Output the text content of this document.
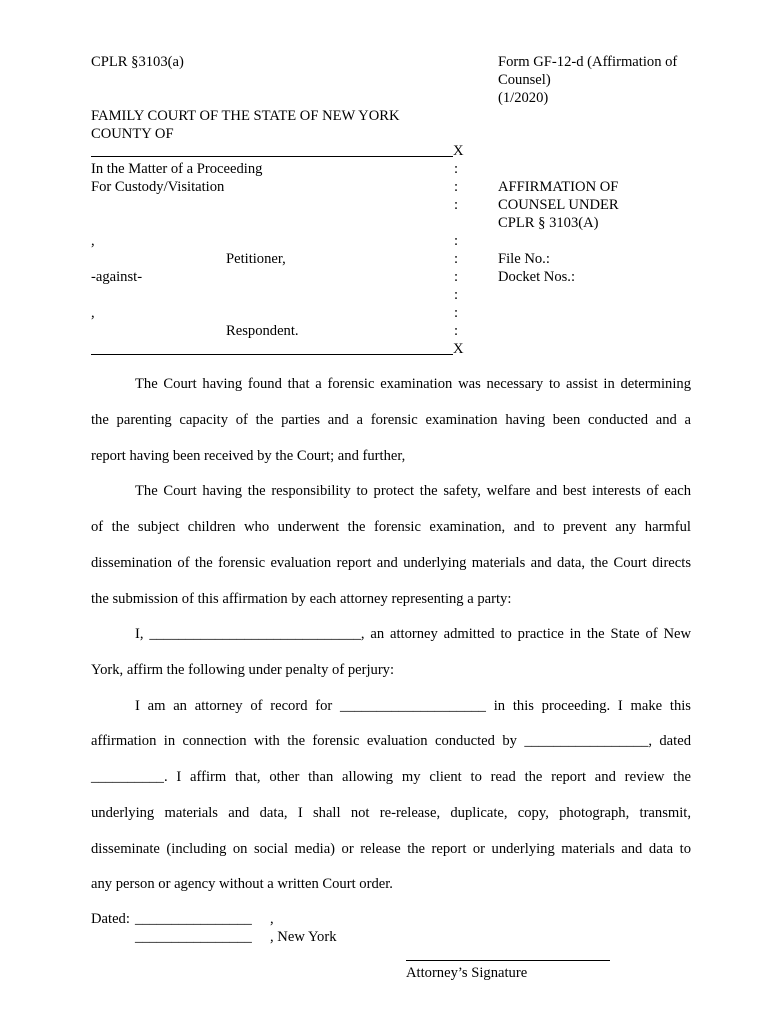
CPLR §3103(a)	Form GF-12-d (Affirmation of
Counsel)
(1/2020)
FAMILY COURT OF THE STATE OF NEW YORK
COUNTY OF
X
In the Matter of a Proceeding
For Custody/Visitation
,
Petitioner,
-against-
,
Respondent.
:
:
:
:
:
:
:
:
:
X
AFFIRMATION OF
COUNSEL UNDER
CPLR § 3103(A)
File No.:
Docket Nos.:
The Court having found that a forensic examination was necessary to assist in determining
the parenting capacity of the parties and a forensic examination having been conducted and a
report having been received by the Court; and further,
The Court having the responsibility to protect the safety, welfare and best interests of each
of the subject children who underwent the forensic examination, and to prevent any harmful
dissemination of the forensic evaluation report and underlying materials and data, the Court directs
the submission of this affirmation by each attorney representing a party:
I, _____________________________, an attorney admitted to practice in the State of New
York, affirm the following under penalty of perjury:
I am an attorney of record for ____________________ in this proceeding. I make this
affirmation in connection with the forensic evaluation conducted by _________________, dated
__________. I affirm that, other than allowing my client to read the report and review the
underlying materials and data, I shall not re-release, duplicate, copy, photograph, transmit,
disseminate (including on social media) or release the report or underlying materials and data to
any person or agency without a written Court order.
Dated: ________________ ,
________________ , New York
Attorney’s Signature
